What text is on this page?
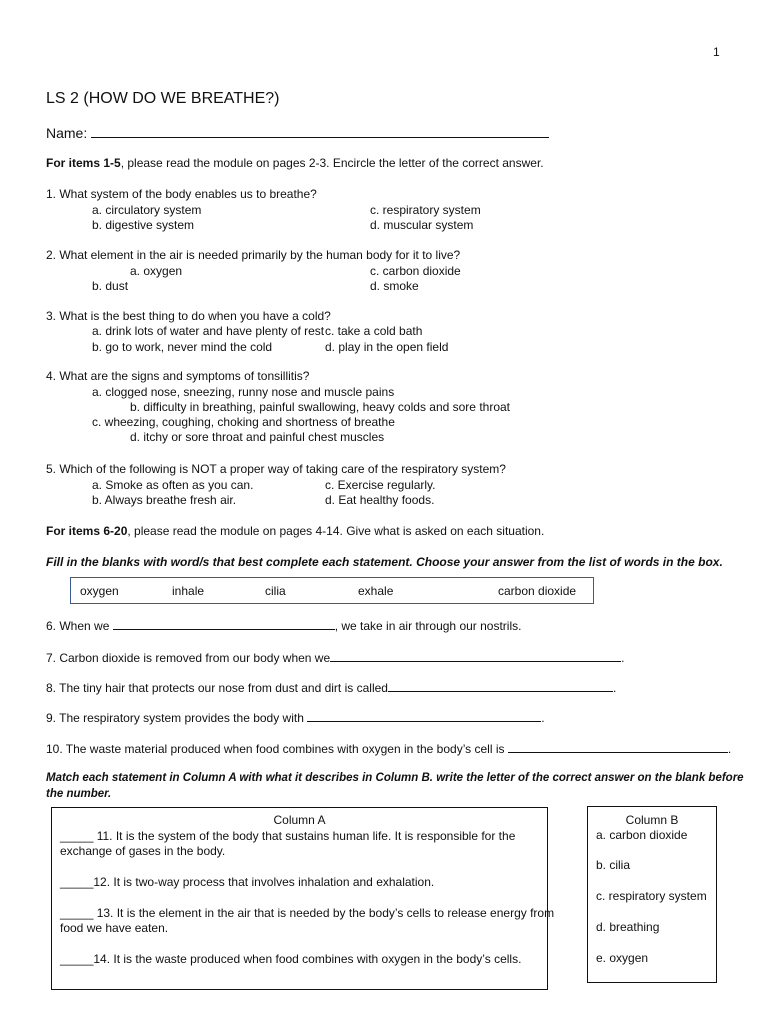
1
LS 2 (HOW DO WE BREATHE?)
Name:
For items 1-5, please read the module on pages 2-3. Encircle the letter of the correct answer.
1. What system of the body enables us to breathe?
a. circulatory system	c. respiratory system
b. digestive system	d. muscular system
2. What element in the air is needed primarily by the human body for it to live?
a. oxygen	c. carbon dioxide
b. dust	d. smoke
3. What is the best thing to do when you have a cold?
a. drink lots of water and have plenty of rest c. take a cold bath
b. go to work, never mind the cold	d. play in the open field
4. What are the signs and symptoms of tonsillitis?
a. clogged nose, sneezing, runny nose and muscle pains
b. difficulty in breathing, painful swallowing, heavy colds and sore throat
c. wheezing, coughing, choking and shortness of breathe
d. itchy or sore throat and painful chest muscles
5. Which of the following is NOT a proper way of taking care of the respiratory system?
a. Smoke as often as you can.	c. Exercise regularly.
b. Always breathe fresh air.	d. Eat healthy foods.
For items 6-20, please read the module on pages 4-14. Give what is asked on each situation.
Fill in the blanks with word/s that best complete each statement. Choose your answer from the list of words in the box.
oxygen	inhale	cilia	exhale	carbon dioxide
6. When we	, we take in air through our nostrils.
7. Carbon dioxide is removed from our body when we	.
8. The tiny hair that protects our nose from dust and dirt is called	.
9. The respiratory system provides the body with	.
10. The waste material produced when food combines with oxygen in the body’s cell is	.
Match each statement in Column A with what it describes in Column B. write the letter of the correct answer on the blank before
the number.
Column A
_____ 11. It is the system of the body that sustains human life. It is responsible for the
exchange of gases in the body.
_____12. It is two-way process that involves inhalation and exhalation.
_____ 13. It is the element in the air that is needed by the body’s cells to release energy from
food we have eaten.
_____14. It is the waste produced when food combines with oxygen in the body’s cells.
Column B
a. carbon dioxide
b. cilia
c. respiratory system
d. breathing
e. oxygen
